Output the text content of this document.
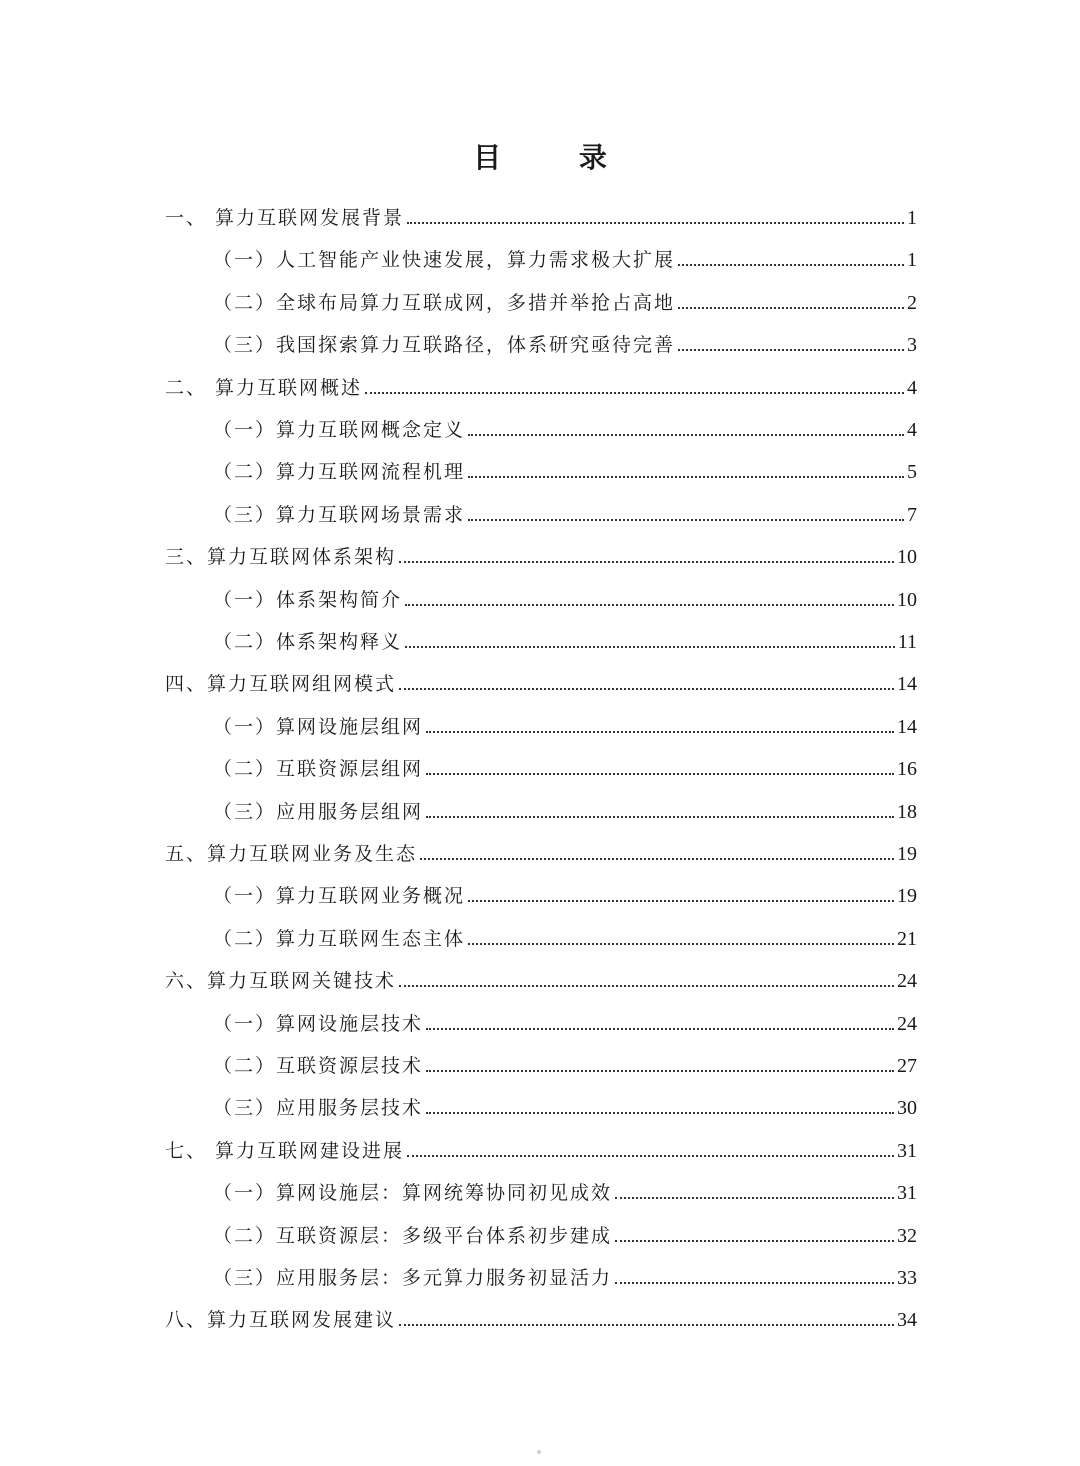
目 录
一、 算力互联网发展背景	1
（一）人工智能产业快速发展，算力需求极大扩展	1
（二）全球布局算力互联成网，多措并举抢占高地	2
（三）我国探索算力互联路径，体系研究亟待完善	3
二、 算力互联网概述	4
（一）算力互联网概念定义	4
（二）算力互联网流程机理	5
（三）算力互联网场景需求	7
三、算力互联网体系架构	10
（一）体系架构简介	10
（二）体系架构释义	11
四、算力互联网组网模式	14
（一）算网设施层组网	14
（二）互联资源层组网	16
（三）应用服务层组网	18
五、算力互联网业务及生态	19
（一）算力互联网业务概况	19
（二）算力互联网生态主体	21
六、算力互联网关键技术	24
（一）算网设施层技术	24
（二）互联资源层技术	27
（三）应用服务层技术	30
七、 算力互联网建设进展	31
（一）算网设施层：算网统筹协同初见成效	31
（二）互联资源层：多级平台体系初步建成	32
（三）应用服务层：多元算力服务初显活力	33
八、算力互联网发展建议	34
